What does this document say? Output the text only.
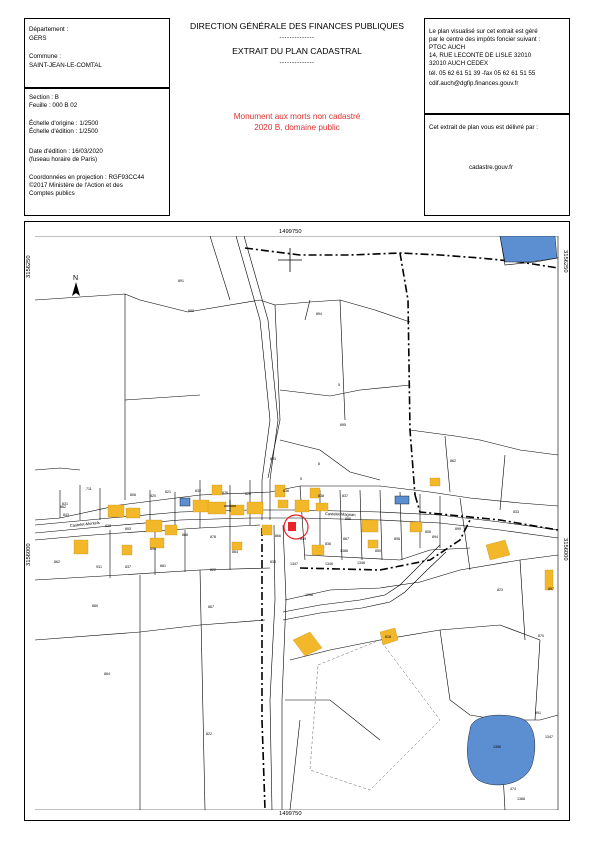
Département :
GERS
Commune :
SAINT-JEAN-LE-COMTAL
Section : B
Feuille : 000 B 02
Échelle d'origine : 1/2500
Échelle d'édition : 1/2500
Date d'édition : 16/03/2020
(fuseau horaire de Paris)
Coordonnées en projection : RGF93CC44
©2017 Ministère de l'Action et des
Comptes publics
DIRECTION GÉNÉRALE DES FINANCES PUBLIQUES
--------------
EXTRAIT DU PLAN CADASTRAL
--------------
Monument aux morts non cadastré
2020 B, domaine public
Le plan visualisé sur cet extrait est géré
par le centre des impôts foncier suivant :
PTGC AUCH
14, RUE LECONTE DE LISLE 32010
32010 AUCH CEDEX
tél. 05 62 61 51 39 -fax 05 62 61 51 55
cdif.auch@dgfip.finances.gouv.fr
Cet extrait de plan vous est délivré par :
cadastre.gouv.fr
1499750
1499750
3156250
3156000
3156250
3156000
N
Castelet-Montels
Castelet-Magnan
891
890
894
5
895
893
8
5
862
711
831
806	820
821	832	876	820
836
838	837
843
893
888	878
895
849	867
836
898
806
856
862
931	837	881
822
833	1347	1346	1348
1386	850
894
899
833
897
823
818	870
1008
880	867
864
822
891
474
1350
1388
1347
862
838
866
864
